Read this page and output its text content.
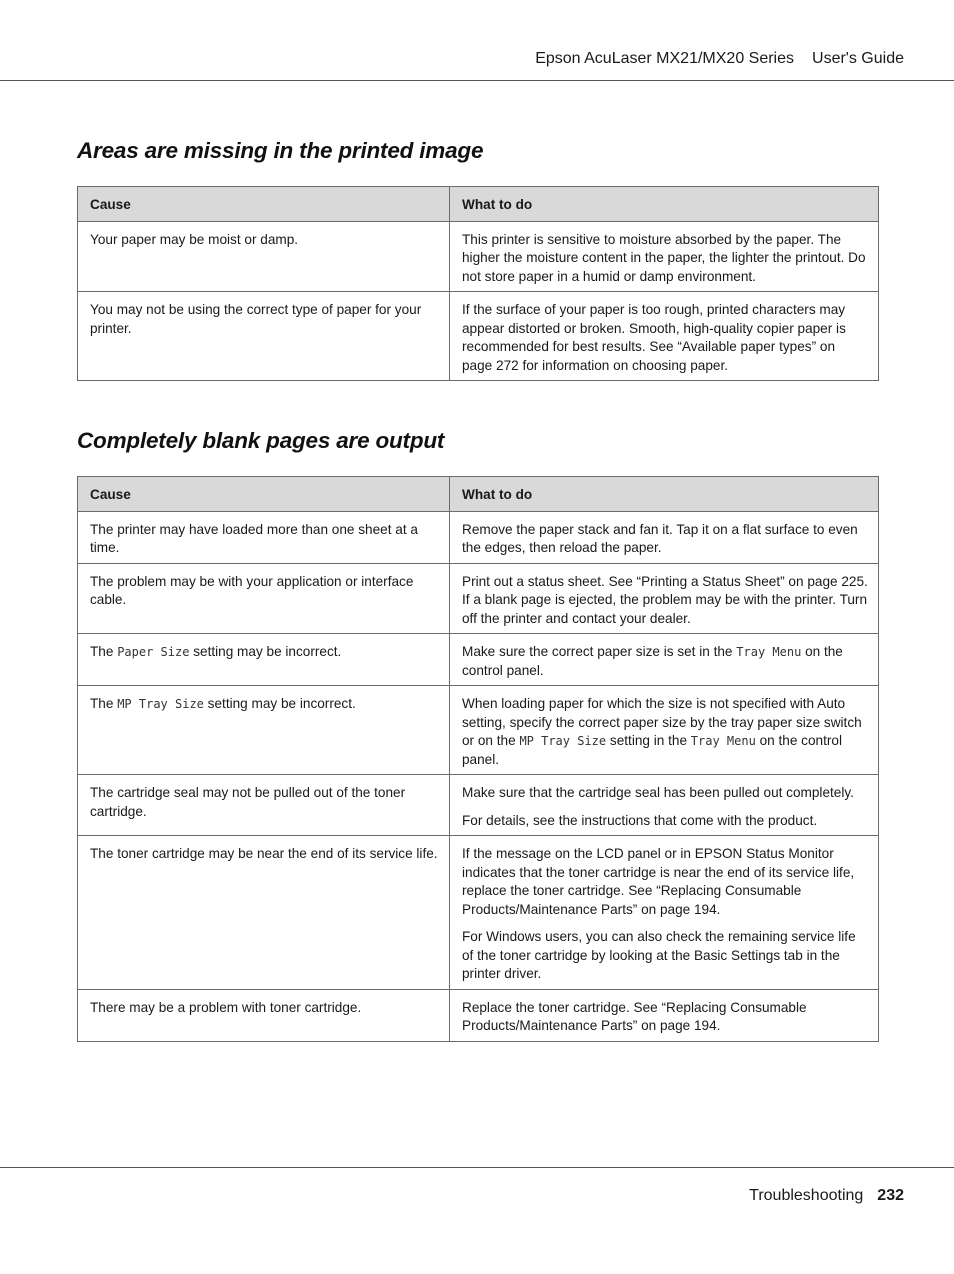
Epson AcuLaser MX21/MX20 Series User's Guide
Areas are missing in the printed image
Cause	What to do

Your paper may be moist or damp.	This printer is sensitive to moisture absorbed by the paper. The higher the moisture content in the paper, the lighter the printout. Do not store paper in a humid or damp environment.

You may not be using the correct type of paper for your printer.	If the surface of your paper is too rough, printed characters may appear distorted or broken. Smooth, high-quality copier paper is recommended for best results. See “Available paper types” on page 272 for information on choosing paper.

Completely blank pages are output
Cause	What to do

The printer may have loaded more than one sheet at a time.	Remove the paper stack and fan it. Tap it on a flat surface to even the edges, then reload the paper.

The problem may be with your application or interface cable.	Print out a status sheet. See “Printing a Status Sheet” on page 225. If a blank page is ejected, the problem may be with the printer. Turn off the printer and contact your dealer.

The Paper Size setting may be incorrect.	Make sure the correct paper size is set in the Tray Menu on the control panel.

The MP Tray Size setting may be incorrect.	When loading paper for which the size is not specified with Auto setting, specify the correct paper size by the tray paper size switch or on the MP Tray Size setting in the Tray Menu on the control panel.

The cartridge seal may not be pulled out of the toner cartridge.	Make sure that the cartridge seal has been pulled out completely.

For details, see the instructions that come with the product.

The toner cartridge may be near the end of its service life.	If the message on the LCD panel or in EPSON Status Monitor indicates that the toner cartridge is near the end of its service life, replace the toner cartridge. See “Replacing Consumable Products/Maintenance Parts” on page 194.

For Windows users, you can also check the remaining service life of the toner cartridge by looking at the Basic Settings tab in the printer driver.

There may be a problem with toner cartridge.	Replace the toner cartridge. See “Replacing Consumable Products/Maintenance Parts” on page 194.

Troubleshooting 232
